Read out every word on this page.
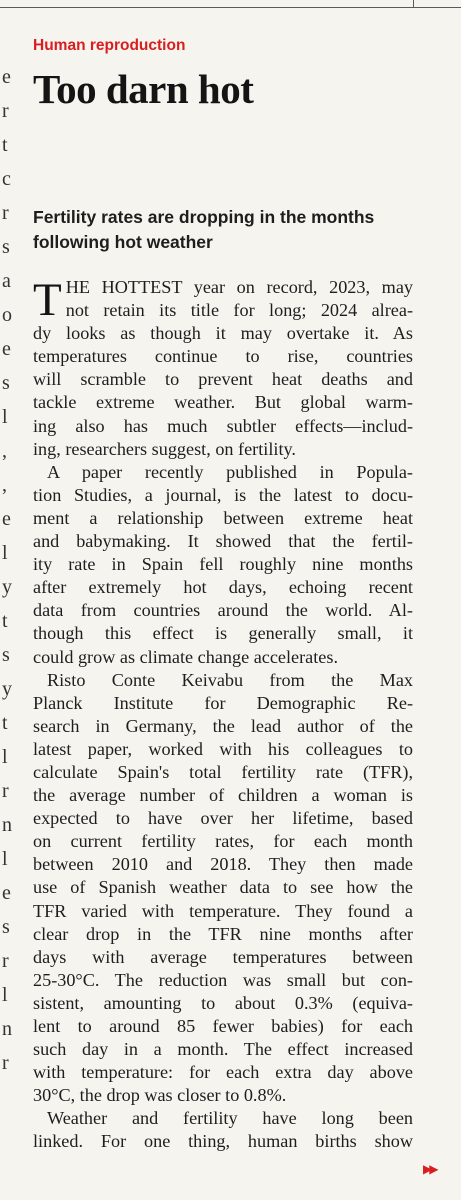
e
r
t
c
r
s
a
o
e
s
l
,
,
e
l
y
t
s
y
t
l
r
n
l
e
s
r
l
n
r
Human reproduction
Too darn hot
Fertility rates are dropping in the months following hot weather
T HE HOTTEST year on record, 2023, may
not retain its title for long; 2024 alrea-
dy looks as though it may overtake it. As
temperatures continue to rise, countries
will scramble to prevent heat deaths and
tackle extreme weather. But global warm-
ing also has much subtler effects—includ-
ing, researchers suggest, on fertility.
A paper recently published in Popula-
tion Studies, a journal, is the latest to docu-
ment a relationship between extreme heat
and babymaking. It showed that the fertil-
ity rate in Spain fell roughly nine months
after extremely hot days, echoing recent
data from countries around the world. Al-
though this effect is generally small, it
could grow as climate change accelerates.
Risto Conte Keivabu from the Max
Planck Institute for Demographic Re-
search in Germany, the lead author of the
latest paper, worked with his colleagues to
calculate Spain's total fertility rate (TFR),
the average number of children a woman is
expected to have over her lifetime, based
on current fertility rates, for each month
between 2010 and 2018. They then made
use of Spanish weather data to see how the
TFR varied with temperature. They found a
clear drop in the TFR nine months after
days with average temperatures between
25-30°C. The reduction was small but con-
sistent, amounting to about 0.3% (equiva-
lent to around 85 fewer babies) for each
such day in a month. The effect increased
with temperature: for each extra day above
30°C, the drop was closer to 0.8%.
Weather and fertility have long been
linked. For one thing, human births show
▶▶
